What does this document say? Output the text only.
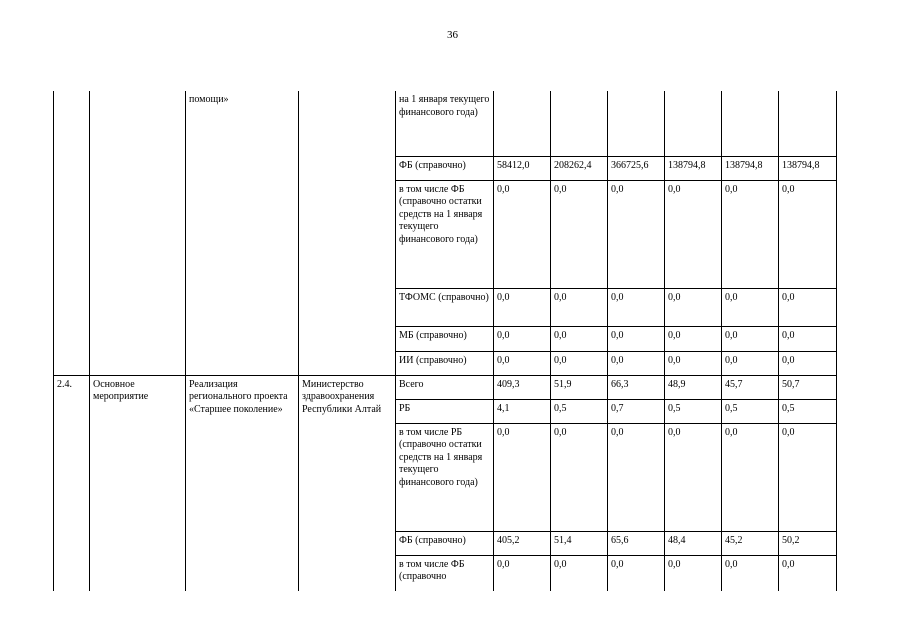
36
		помощи»		на 1 января текущего финансового года)						
				ФБ (справочно)	58412,0	208262,4	366725,6	138794,8	138794,8	138794,8
				в том числе ФБ (справочно остатки средств на 1 января текущего финансового года)	0,0	0,0	0,0	0,0	0,0	0,0
				ТФОМС (справочно)	0,0	0,0	0,0	0,0	0,0	0,0
				МБ (справочно)	0,0	0,0	0,0	0,0	0,0	0,0
				ИИ (справочно)	0,0	0,0	0,0	0,0	0,0	0,0
2.4.	Основное мероприятие	Реализация регионального проекта «Старшее поколение»	Министерство здравоохранения Республики Алтай	Всего	409,3	51,9	66,3	48,9	45,7	50,7
				РБ	4,1	0,5	0,7	0,5	0,5	0,5
				в том числе РБ (справочно остатки средств на 1 января текущего финансового года)	0,0	0,0	0,0	0,0	0,0	0,0
				ФБ (справочно)	405,2	51,4	65,6	48,4	45,2	50,2
				в том числе ФБ (справочно	0,0	0,0	0,0	0,0	0,0	0,0
